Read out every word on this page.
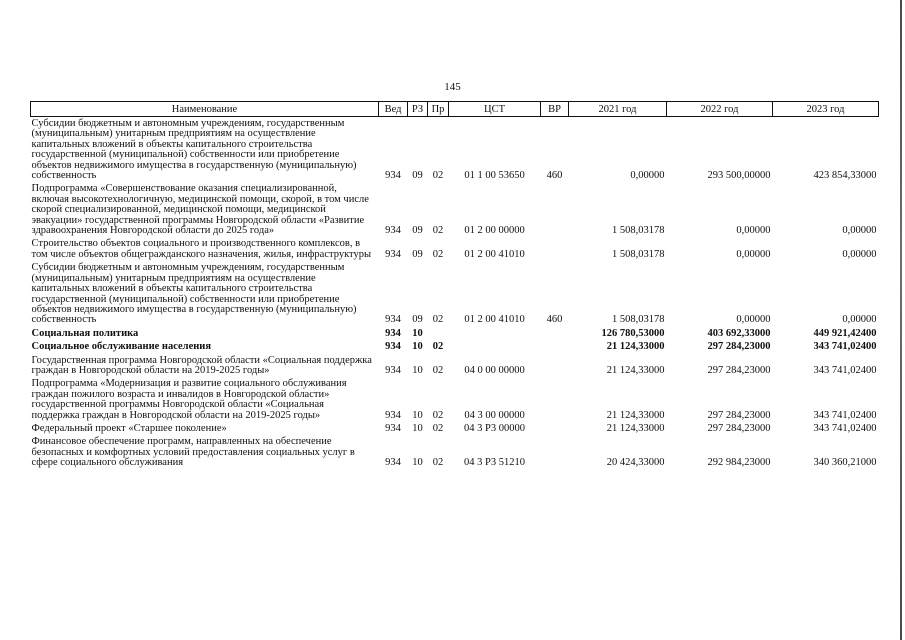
145
Наименование	Вед	РЗ	Пр	ЦСТ	ВР	2021 год	2022 год	2023 год
Субсидии бюджетным и автономным учреждениям, государственным (муниципальным) унитарным предприятиям на осуществление капитальных вложений в объекты капитального строительства государственной (муниципальной) собственности или приобретение объектов недвижимого имущества в государственную (муниципальную) собственность	934	09	02	01 1 00 53650	460	0,00000	293 500,00000	423 854,33000
Подпрограмма «Совершенствование оказания специализированной, включая высокотехнологичную, медицинской помощи, скорой, в том числе скорой специализированной, медицинской помощи, медицинской эвакуации» государственной программы Новгородской области «Развитие здравоохранения Новгородской области до 2025 года»	934	09	02	01 2 00 00000		1 508,03178	0,00000	0,00000
Строительство объектов социального и производственного комплексов, в том числе объектов общегражданского назначения, жилья, инфраструктуры	934	09	02	01 2 00 41010		1 508,03178	0,00000	0,00000
Субсидии бюджетным и автономным учреждениям, государственным (муниципальным) унитарным предприятиям на осуществление капитальных вложений в объекты капитального строительства государственной (муниципальной) собственности или приобретение объектов недвижимого имущества в государственную (муниципальную) собственность	934	09	02	01 2 00 41010	460	1 508,03178	0,00000	0,00000
Социальная политика	934	10				126 780,53000	403 692,33000	449 921,42400
Социальное обслуживание населения	934	10	02			21 124,33000	297 284,23000	343 741,02400
Государственная программа Новгородской области «Социальная поддержка граждан в Новгородской области на 2019-2025 годы»	934	10	02	04 0 00 00000		21 124,33000	297 284,23000	343 741,02400
Подпрограмма «Модернизация и развитие социального обслуживания граждан пожилого возраста и инвалидов в Новгородской области» государственной программы Новгородской области «Социальная поддержка граждан в Новгородской области на 2019-2025 годы»	934	10	02	04 3 00 00000		21 124,33000	297 284,23000	343 741,02400
Федеральный проект «Старшее поколение»	934	10	02	04 3 P3 00000		21 124,33000	297 284,23000	343 741,02400
Финансовое обеспечение программ, направленных на обеспечение безопасных и комфортных условий предоставления социальных услуг в сфере социального обслуживания	934	10	02	04 3 P3 51210		20 424,33000	292 984,23000	340 360,21000
